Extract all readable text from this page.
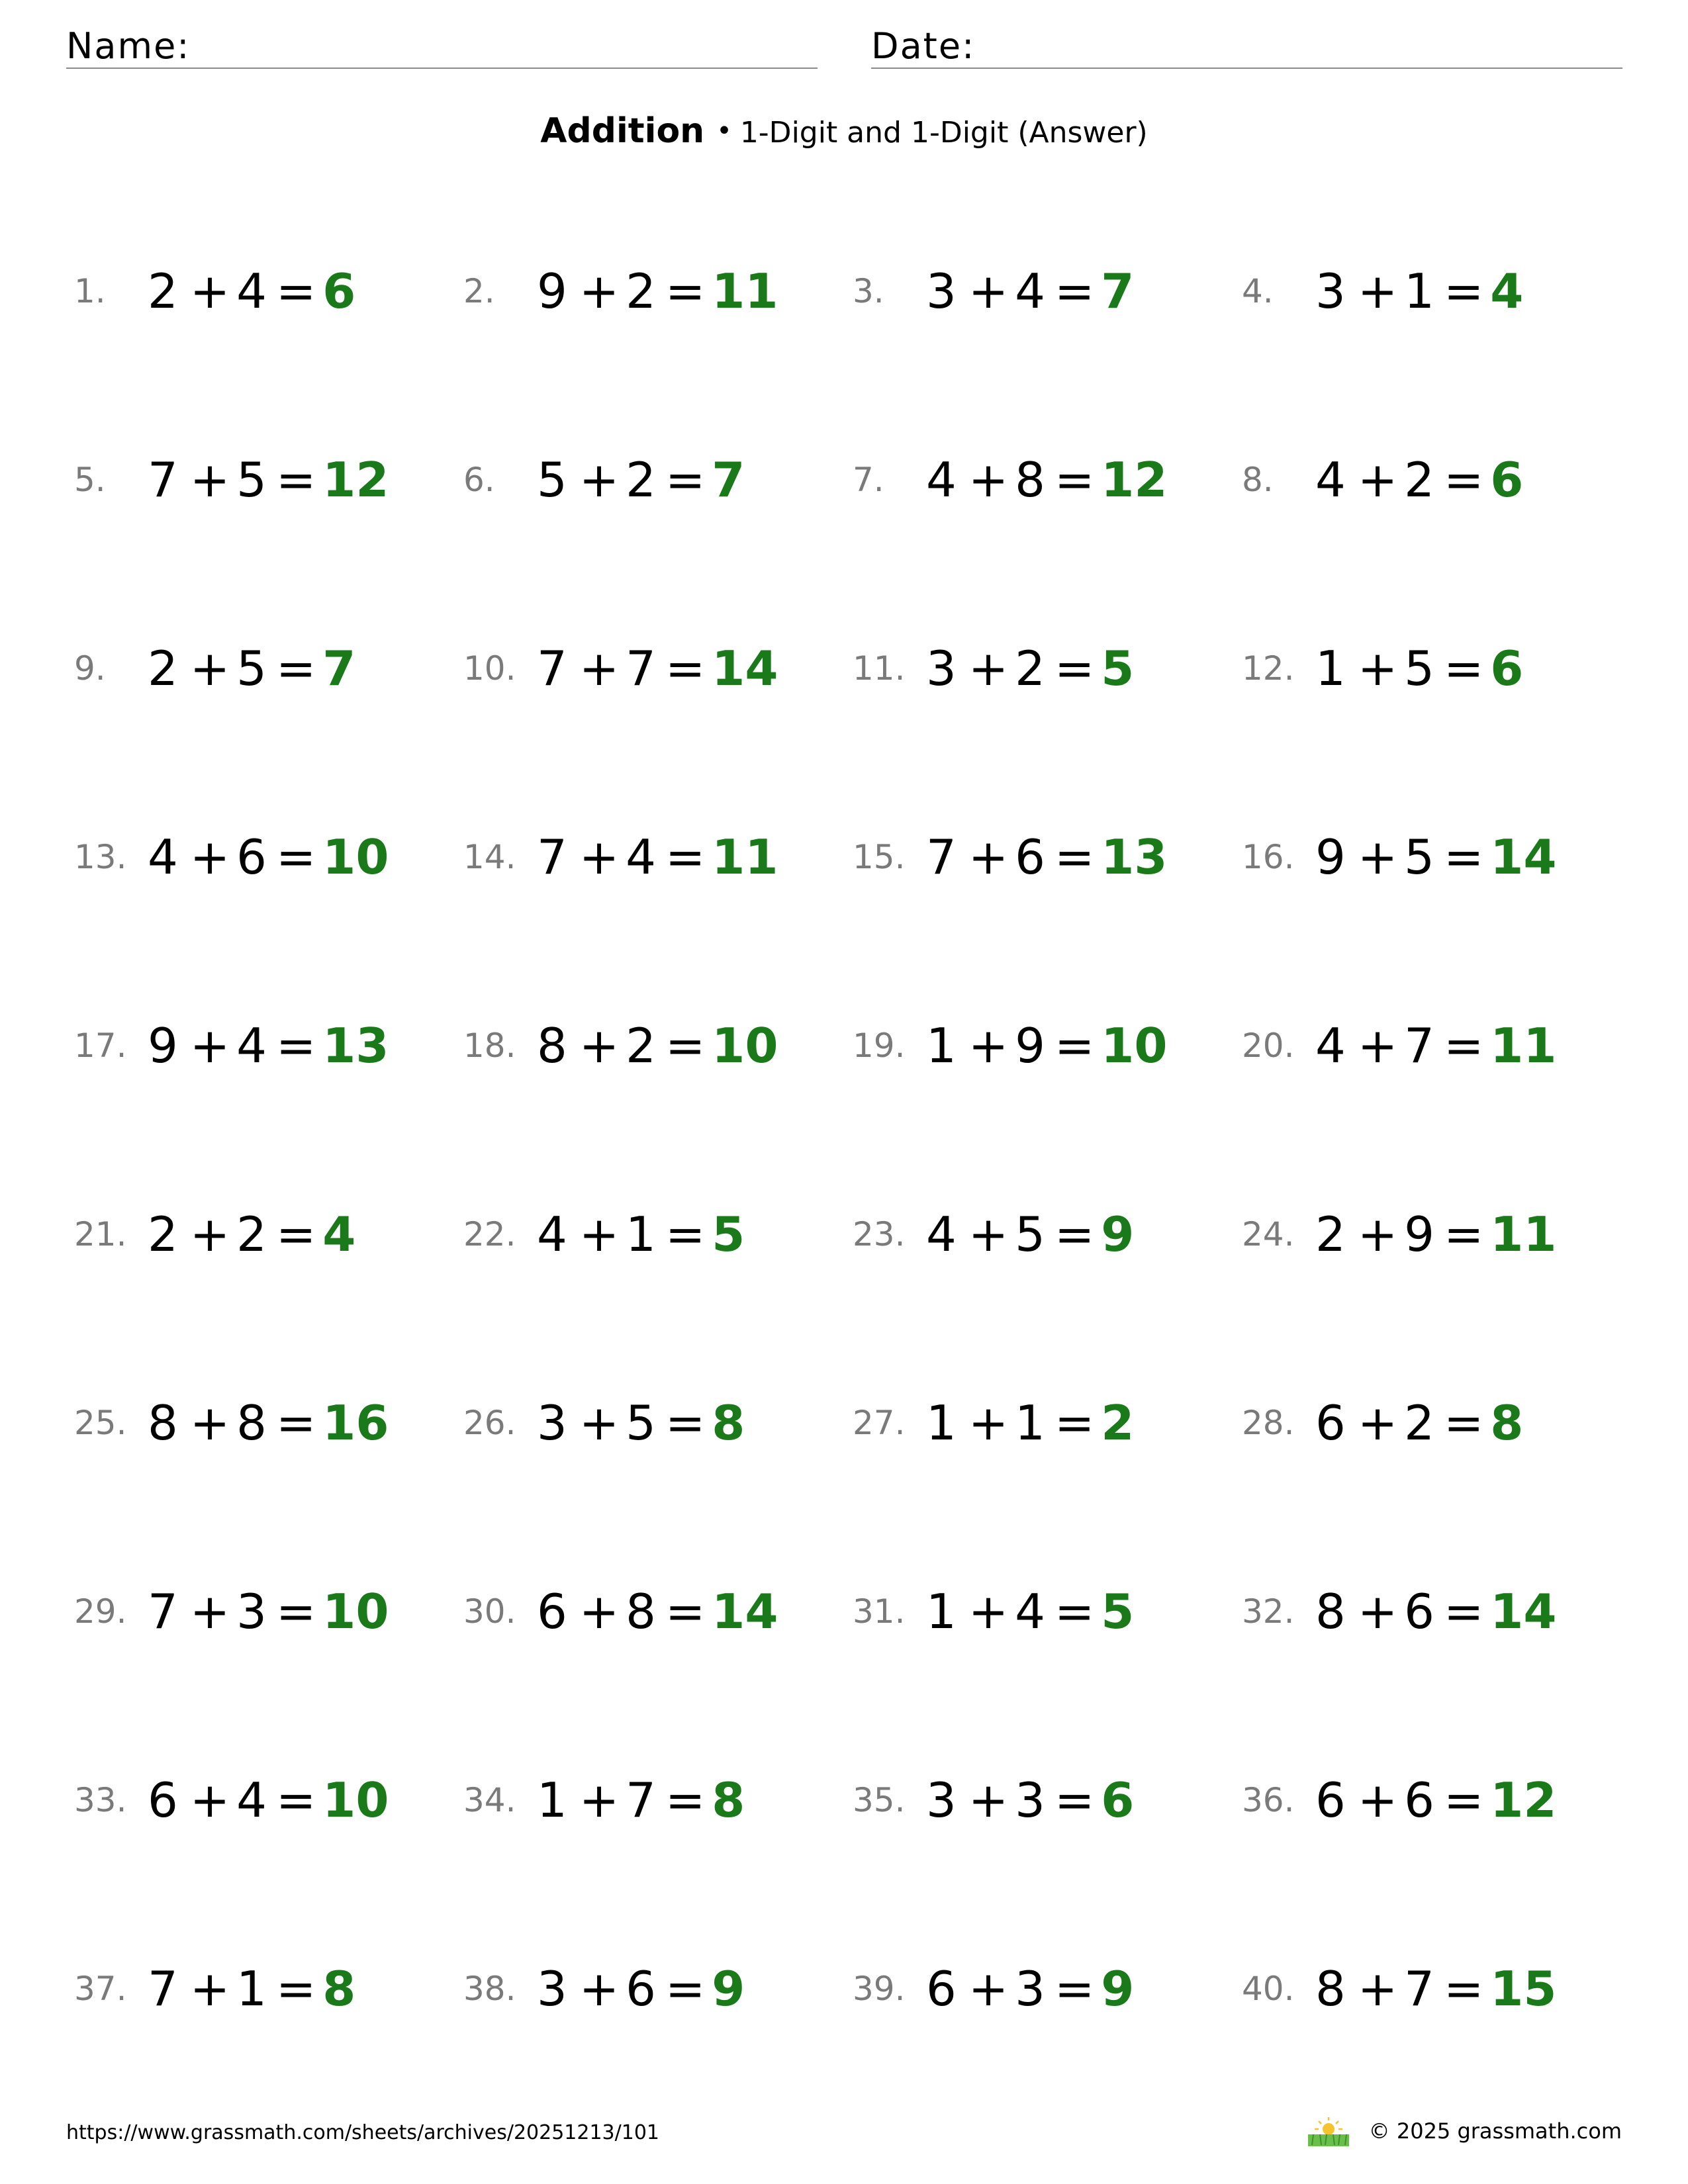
Name:	Date:
Addition • 1-Digit and 1-Digit (Answer)
1. 2 + 4 = 6	2. 9 + 2 = 11 3. 3 + 4 = 7	4. 3 + 1 = 4
5. 7 + 5 = 12 6. 5 + 2 = 7	7. 4 + 8 = 12 8. 4 + 2 = 6
9. 2 + 5 = 7	10. 7 + 7 = 14 11. 3 + 2 = 5	12. 1 + 5 = 6
13. 4 + 6 = 10 14. 7 + 4 = 11 15. 7 + 6 = 13 16. 9 + 5 = 14
17. 9 + 4 = 13 18. 8 + 2 = 10 19. 1 + 9 = 10 20. 4 + 7 = 11
21. 2 + 2 = 4	22. 4 + 1 = 5	23. 4 + 5 = 9	24. 2 + 9 = 11
25. 8 + 8 = 16 26. 3 + 5 = 8	27. 1 + 1 = 2	28. 6 + 2 = 8
29. 7 + 3 = 10 30. 6 + 8 = 14 31. 1 + 4 = 5	32. 8 + 6 = 14
33. 6 + 4 = 10 34. 1 + 7 = 8	35. 3 + 3 = 6	36. 6 + 6 = 12
37. 7 + 1 = 8	38. 3 + 6 = 9	39. 6 + 3 = 9	40. 8 + 7 = 15
https://www.grassmath.com/sheets/archives/20251213/101	© 2025 grassmath.com
